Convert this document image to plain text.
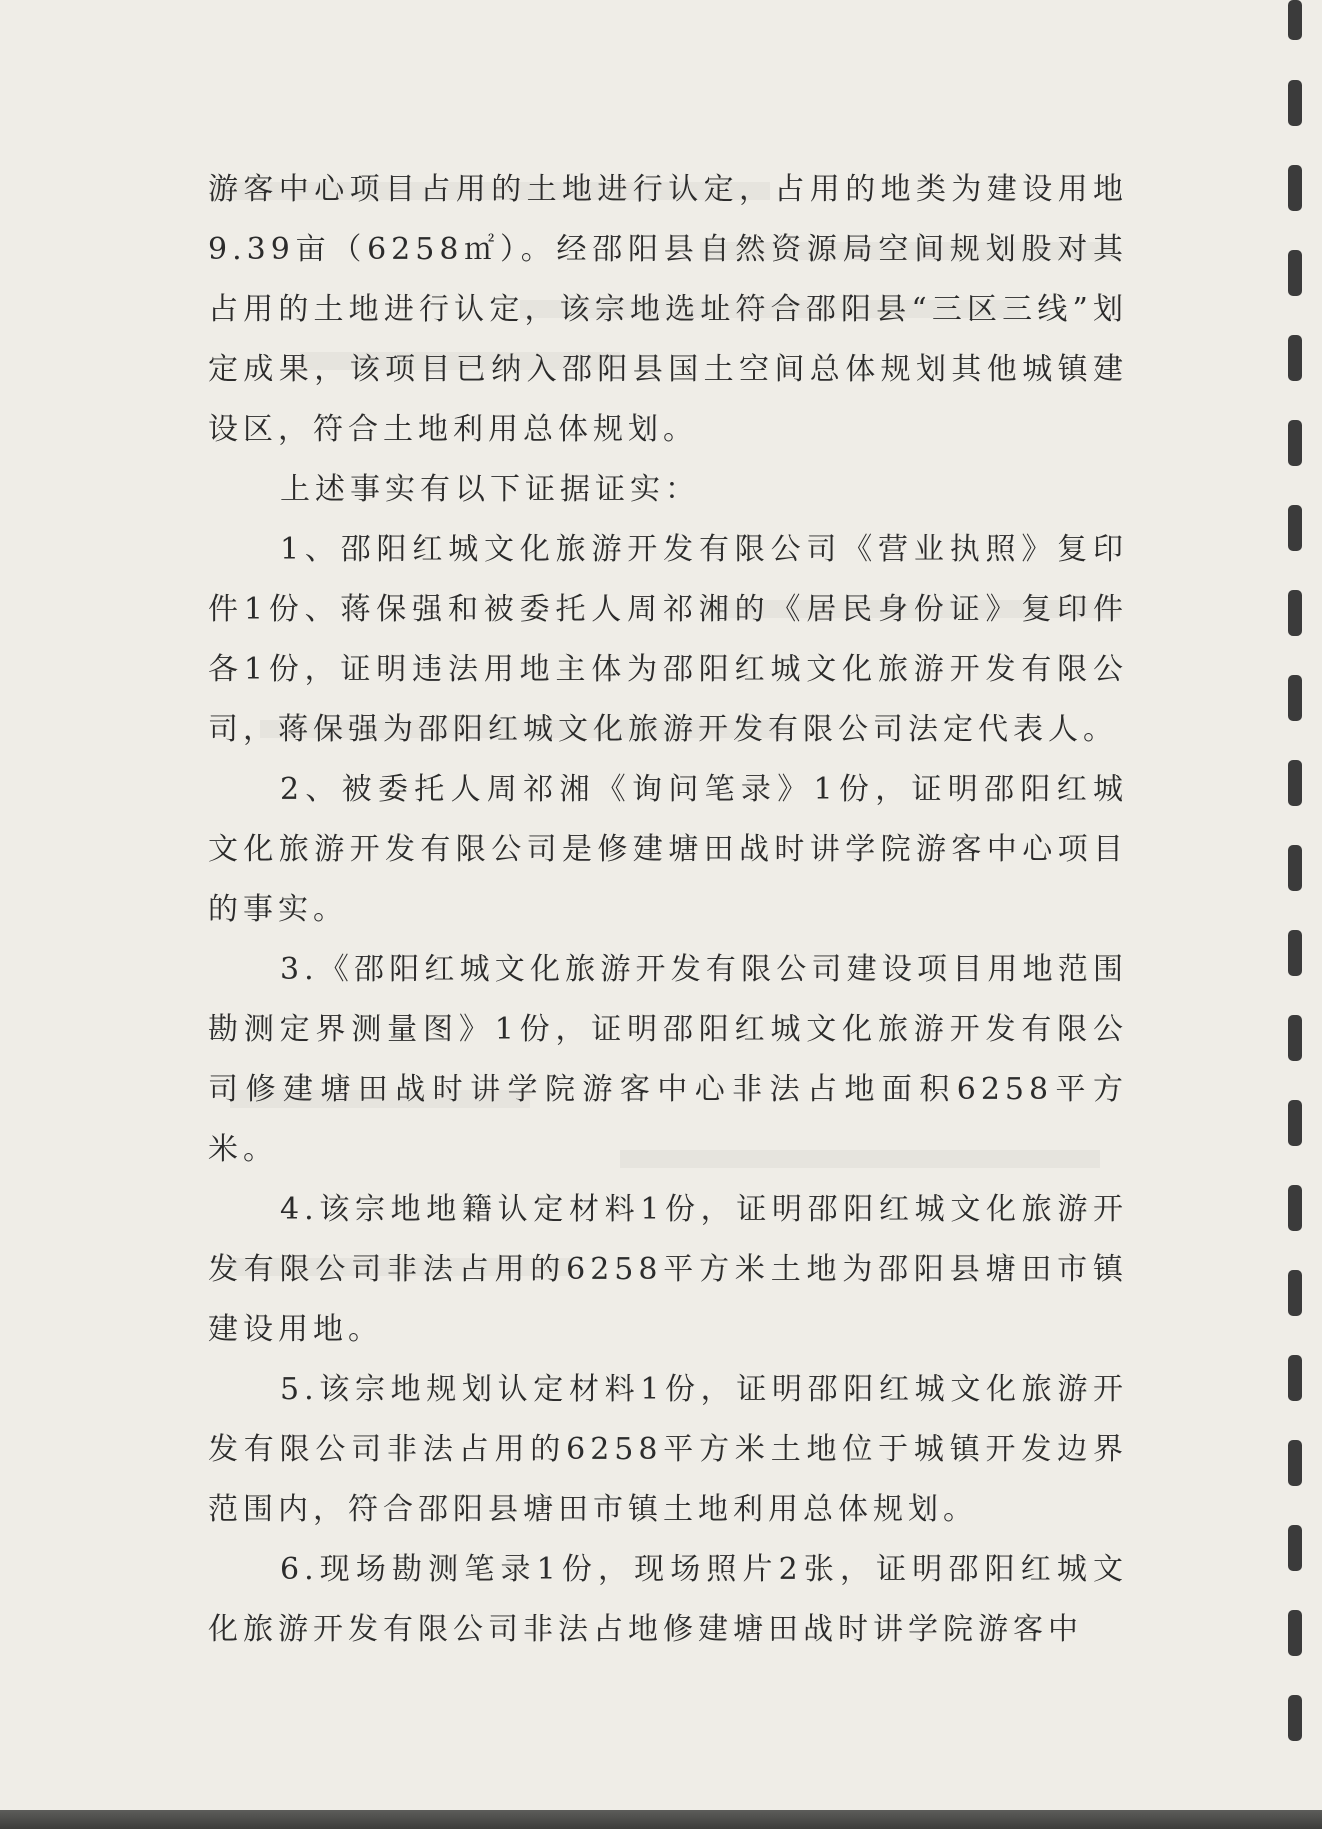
游客中心项目占用的土地进行认定，占用的地类为建设用地9.39亩（6258㎡）。经邵阳县自然资源局空间规划股对其占用的土地进行认定，该宗地选址符合邵阳县“三区三线”划定成果，该项目已纳入邵阳县国土空间总体规划其他城镇建设区，符合土地利用总体规划。

上述事实有以下证据证实：

1、邵阳红城文化旅游开发有限公司《营业执照》复印件1份、蒋保强和被委托人周祁湘的《居民身份证》复印件各1份，证明违法用地主体为邵阳红城文化旅游开发有限公司，蒋保强为邵阳红城文化旅游开发有限公司法定代表人。

2、被委托人周祁湘《询问笔录》1份，证明邵阳红城文化旅游开发有限公司是修建塘田战时讲学院游客中心项目的事实。

3.《邵阳红城文化旅游开发有限公司建设项目用地范围勘测定界测量图》1份，证明邵阳红城文化旅游开发有限公司修建塘田战时讲学院游客中心非法占地面积6258平方米。

4.该宗地地籍认定材料1份，证明邵阳红城文化旅游开发有限公司非法占用的6258平方米土地为邵阳县塘田市镇建设用地。

5.该宗地规划认定材料1份，证明邵阳红城文化旅游开发有限公司非法占用的6258平方米土地位于城镇开发边界范围内，符合邵阳县塘田市镇土地利用总体规划。

6.现场勘测笔录1份，现场照片2张，证明邵阳红城文化旅游开发有限公司非法占地修建塘田战时讲学院游客中
